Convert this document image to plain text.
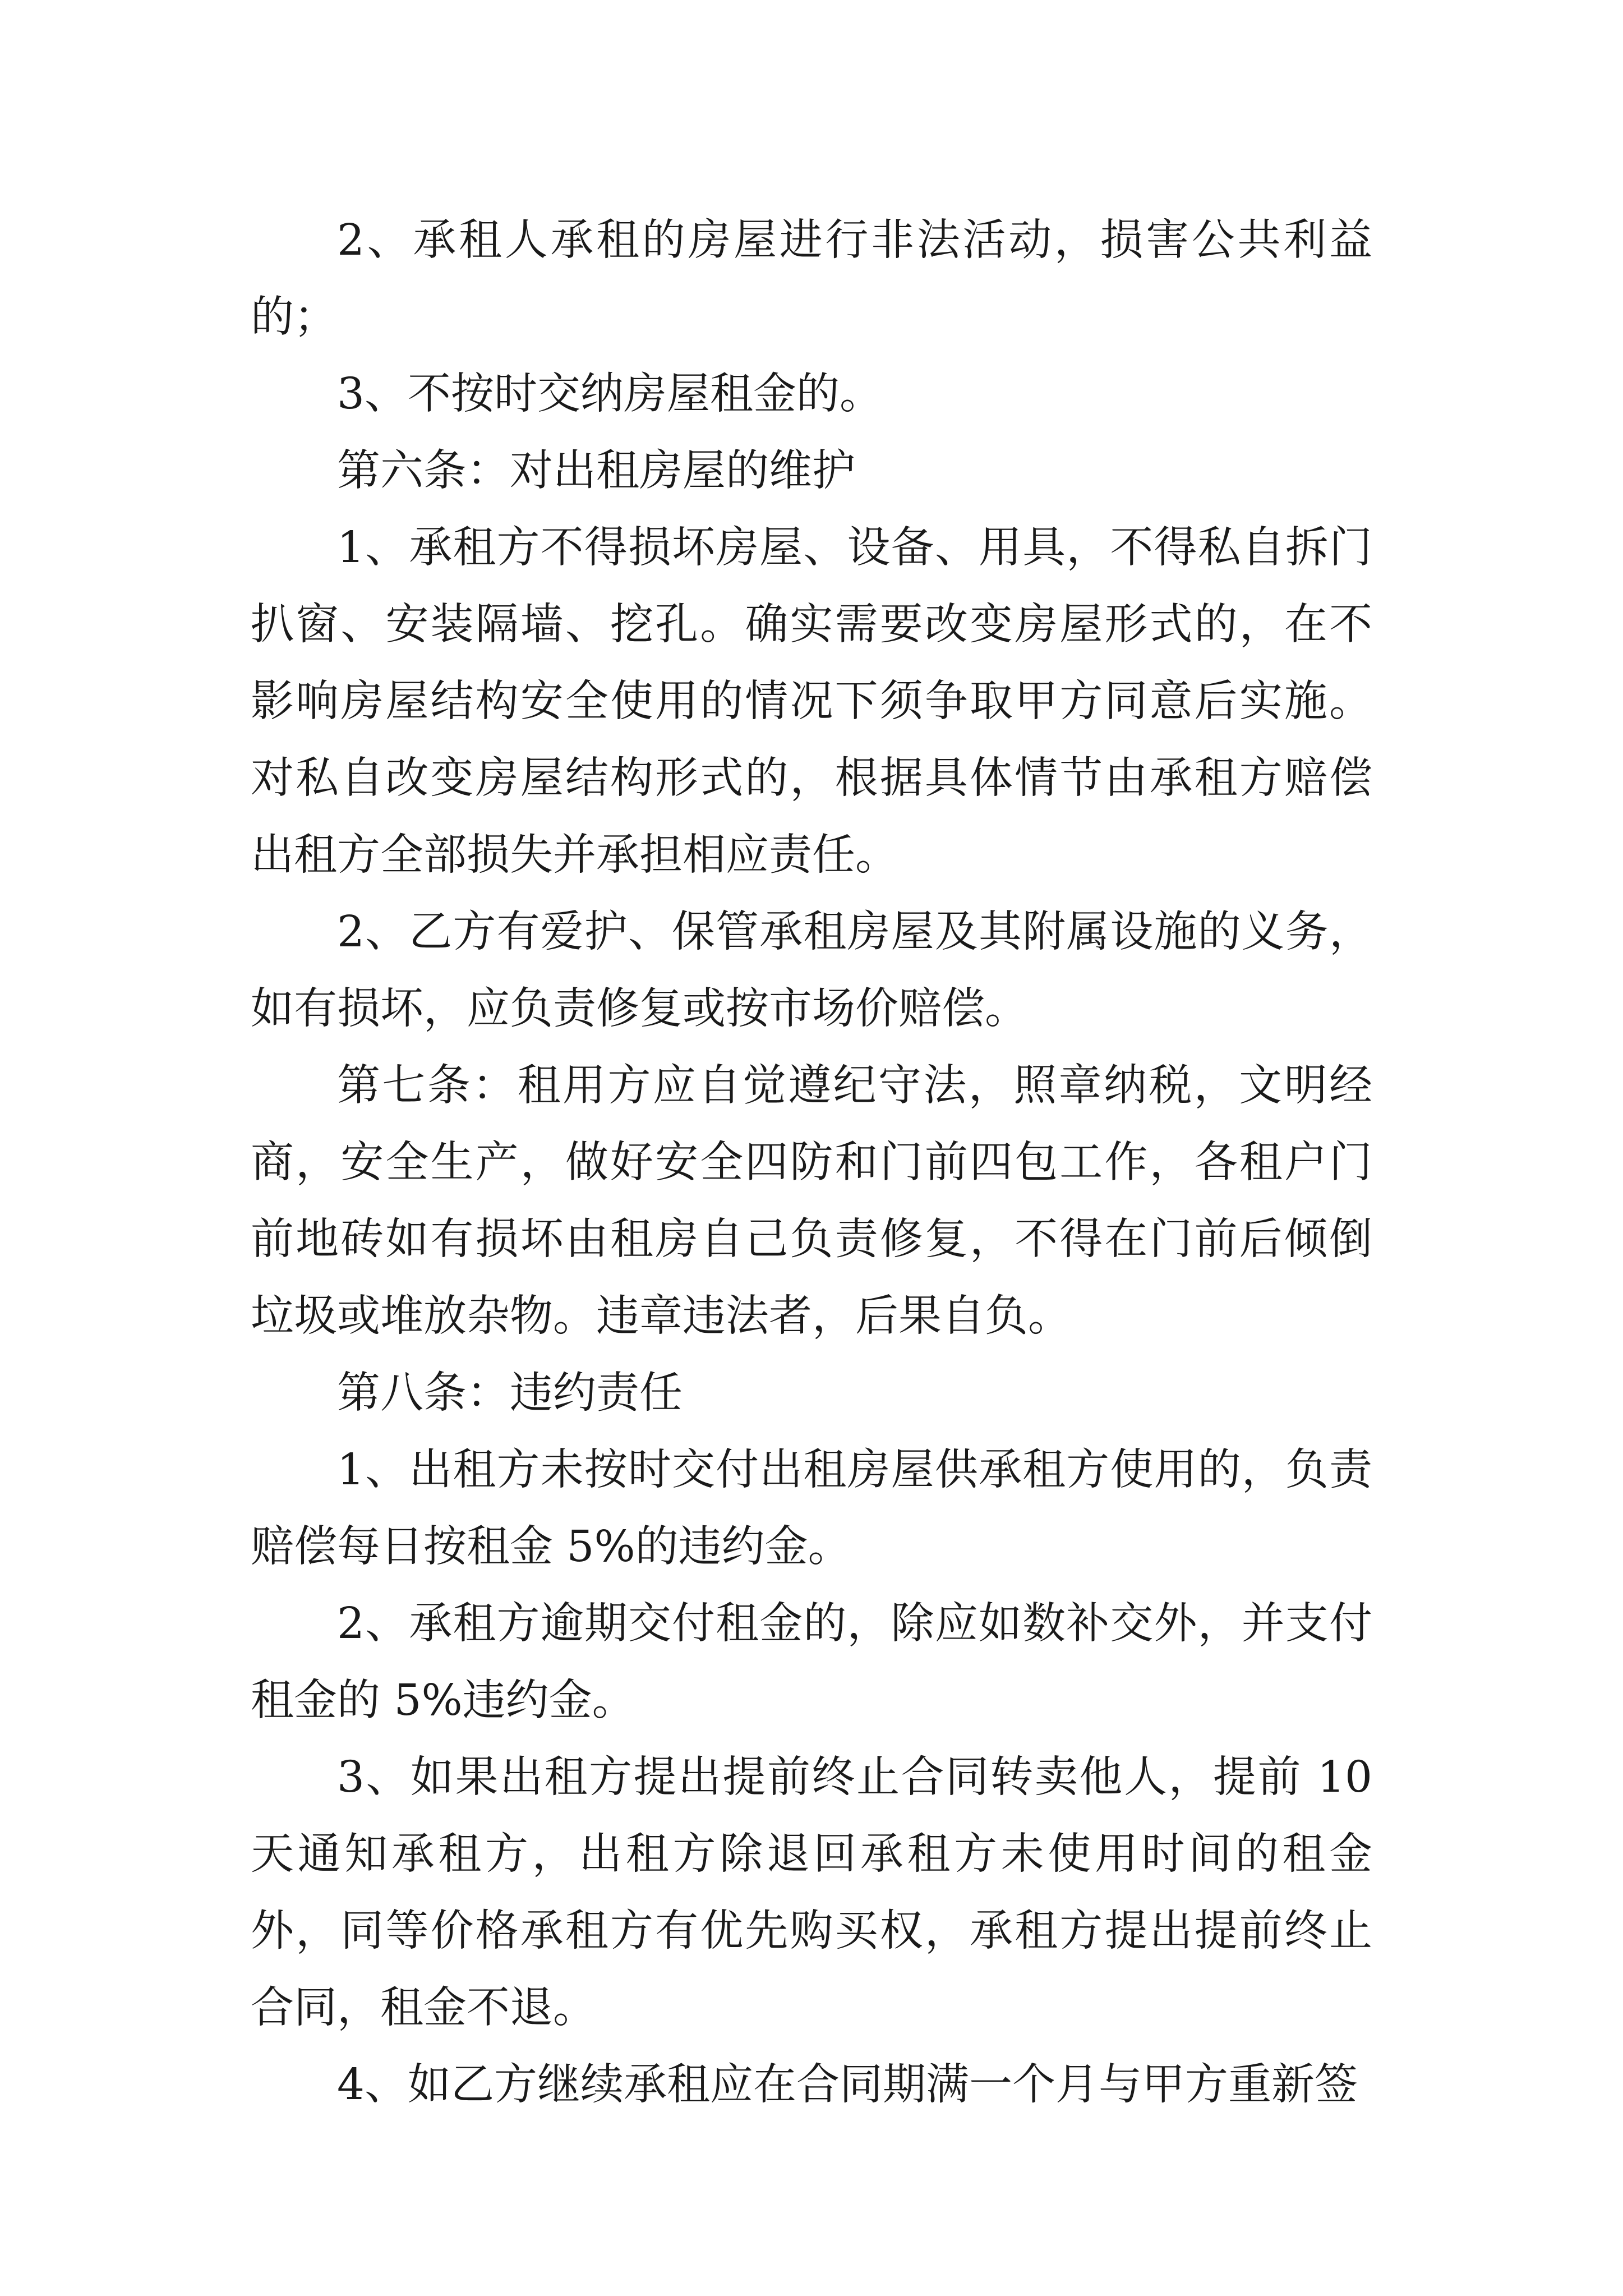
2、承租人承租的房屋进行非法活动，损害公共利益的；

3、不按时交纳房屋租金的。

第六条：对出租房屋的维护

1、承租方不得损坏房屋、设备、用具，不得私自拆门扒窗、安装隔墙、挖孔。确实需要改变房屋形式的，在不影响房屋结构安全使用的情况下须争取甲方同意后实施。对私自改变房屋结构形式的，根据具体情节由承租方赔偿出租方全部损失并承担相应责任。

2、乙方有爱护、保管承租房屋及其附属设施的义务，如有损坏，应负责修复或按市场价赔偿。

第七条：租用方应自觉遵纪守法，照章纳税，文明经商，安全生产，做好安全四防和门前四包工作，各租户门前地砖如有损坏由租房自己负责修复，不得在门前后倾倒垃圾或堆放杂物。违章违法者，后果自负。

第八条：违约责任

1、出租方未按时交付出租房屋供承租方使用的，负责赔偿每日按租金 5%的违约金。

2、承租方逾期交付租金的，除应如数补交外，并支付租金的 5%违约金。

3、如果出租方提出提前终止合同转卖他人，提前 10 天通知承租方，出租方除退回承租方未使用时间的租金外，同等价格承租方有优先购买权，承租方提出提前终止合同，租金不退。

4、如乙方继续承租应在合同期满一个月与甲方重新签
